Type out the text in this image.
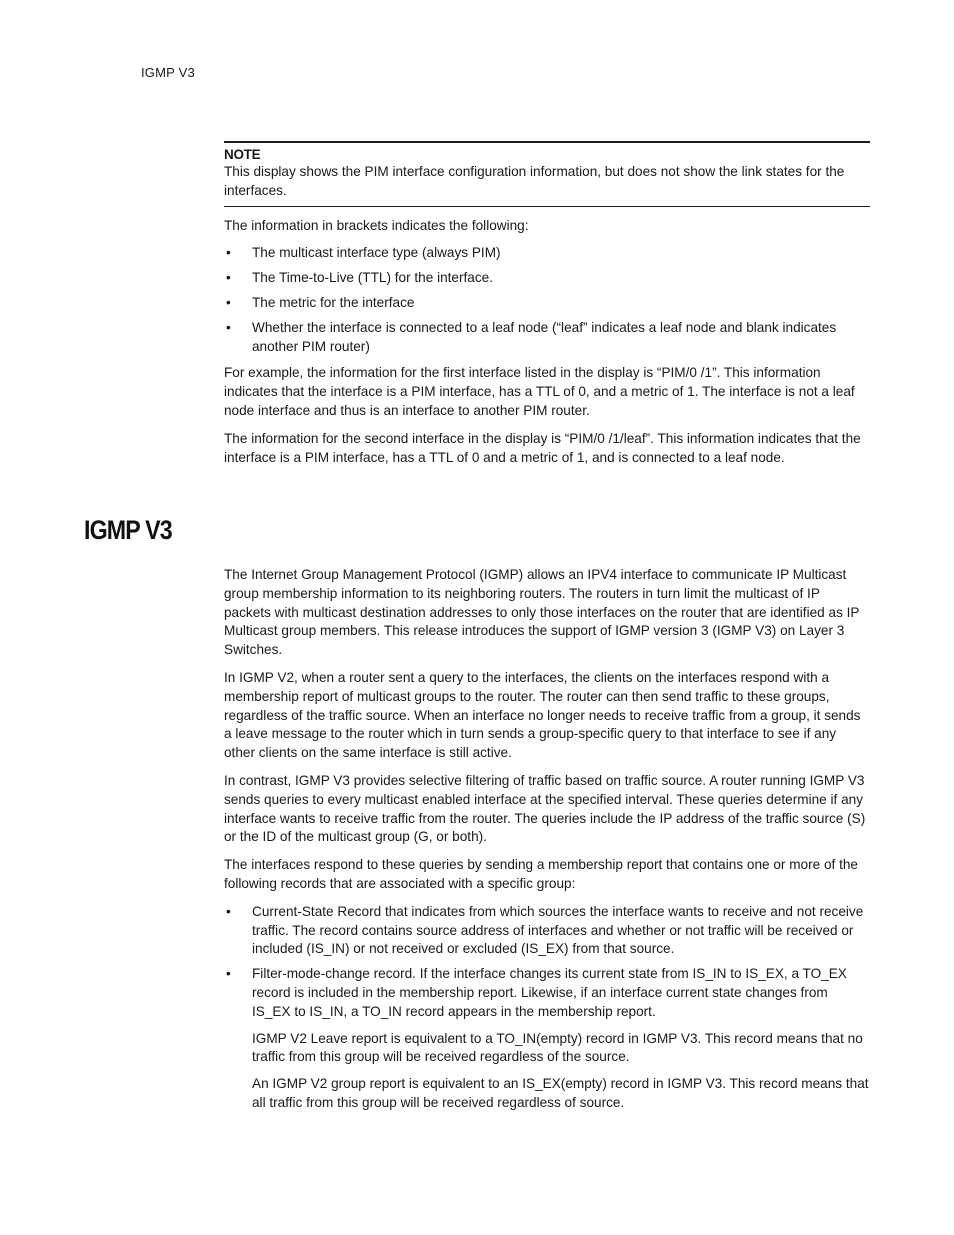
IGMP V3
NOTE
This display shows the PIM interface configuration information, but does not show the link states for the interfaces.

The information in brackets indicates the following:

• The multicast interface type (always PIM)
• The Time-to-Live (TTL) for the interface.
• The metric for the interface
• Whether the interface is connected to a leaf node (“leaf” indicates a leaf node and blank indicates another PIM router)

For example, the information for the first interface listed in the display is “PIM/0 /1”. This information indicates that the interface is a PIM interface, has a TTL of 0, and a metric of 1. The interface is not a leaf node interface and thus is an interface to another PIM router.

The information for the second interface in the display is “PIM/0 /1/leaf”. This information indicates that the interface is a PIM interface, has a TTL of 0 and a metric of 1, and is connected to a leaf node.

IGMP V3

The Internet Group Management Protocol (IGMP) allows an IPV4 interface to communicate IP Multicast group membership information to its neighboring routers. The routers in turn limit the multicast of IP packets with multicast destination addresses to only those interfaces on the router that are identified as IP Multicast group members. This release introduces the support of IGMP version 3 (IGMP V3) on Layer 3 Switches.

In IGMP V2, when a router sent a query to the interfaces, the clients on the interfaces respond with a membership report of multicast groups to the router. The router can then send traffic to these groups, regardless of the traffic source. When an interface no longer needs to receive traffic from a group, it sends a leave message to the router which in turn sends a group-specific query to that interface to see if any other clients on the same interface is still active.

In contrast, IGMP V3 provides selective filtering of traffic based on traffic source. A router running IGMP V3 sends queries to every multicast enabled interface at the specified interval. These queries determine if any interface wants to receive traffic from the router. The queries include the IP address of the traffic source (S) or the ID of the multicast group (G, or both).

The interfaces respond to these queries by sending a membership report that contains one or more of the following records that are associated with a specific group:

• Current-State Record that indicates from which sources the interface wants to receive and not receive traffic. The record contains source address of interfaces and whether or not traffic will be received or included (IS_IN) or not received or excluded (IS_EX) from that source.
• Filter-mode-change record. If the interface changes its current state from IS_IN to IS_EX, a TO_EX record is included in the membership report. Likewise, if an interface current state changes from IS_EX to IS_IN, a TO_IN record appears in the membership report.

IGMP V2 Leave report is equivalent to a TO_IN(empty) record in IGMP V3. This record means that no traffic from this group will be received regardless of the source.

An IGMP V2 group report is equivalent to an IS_EX(empty) record in IGMP V3. This record means that all traffic from this group will be received regardless of source.
